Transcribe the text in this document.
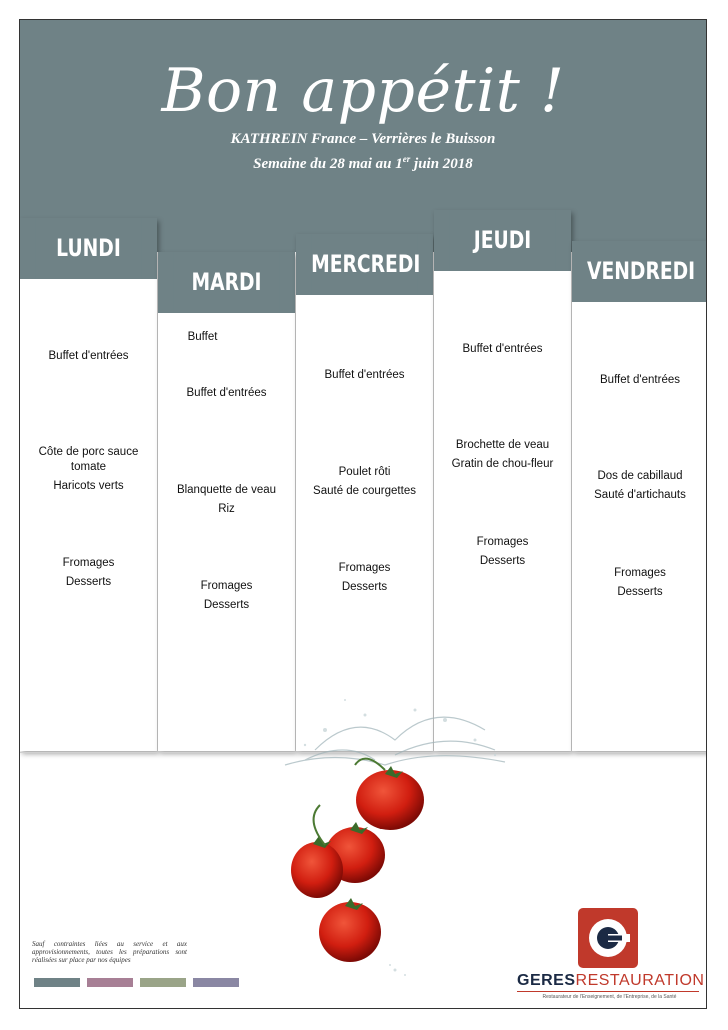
Bon appétit !
KATHREIN France – Verrières le Buisson
Semaine du 28 mai au 1er juin 2018
LUNDI
Buffet d'entrées
Côte de porc sauce
tomate
Haricots verts
Fromages
Desserts
MARDI
Buffet
Buffet d'entrées
Blanquette de veau
Riz
Fromages
Desserts
MERCREDI
Buffet d'entrées
Poulet rôti
Sauté de courgettes
Fromages
Desserts
JEUDI
Buffet d'entrées
Brochette de veau
Gratin de chou-fleur
Fromages
Desserts
VENDREDI
Buffet d'entrées
Dos de cabillaud
Sauté d'artichauts
Fromages
Desserts
Sauf contraintes liées au service et aux approvisionnements, toutes les préparations sont réalisées sur place par nos équipes
GERESRESTAURATION
Restaurateur de l'Enseignement, de l'Entreprise, de la Santé
